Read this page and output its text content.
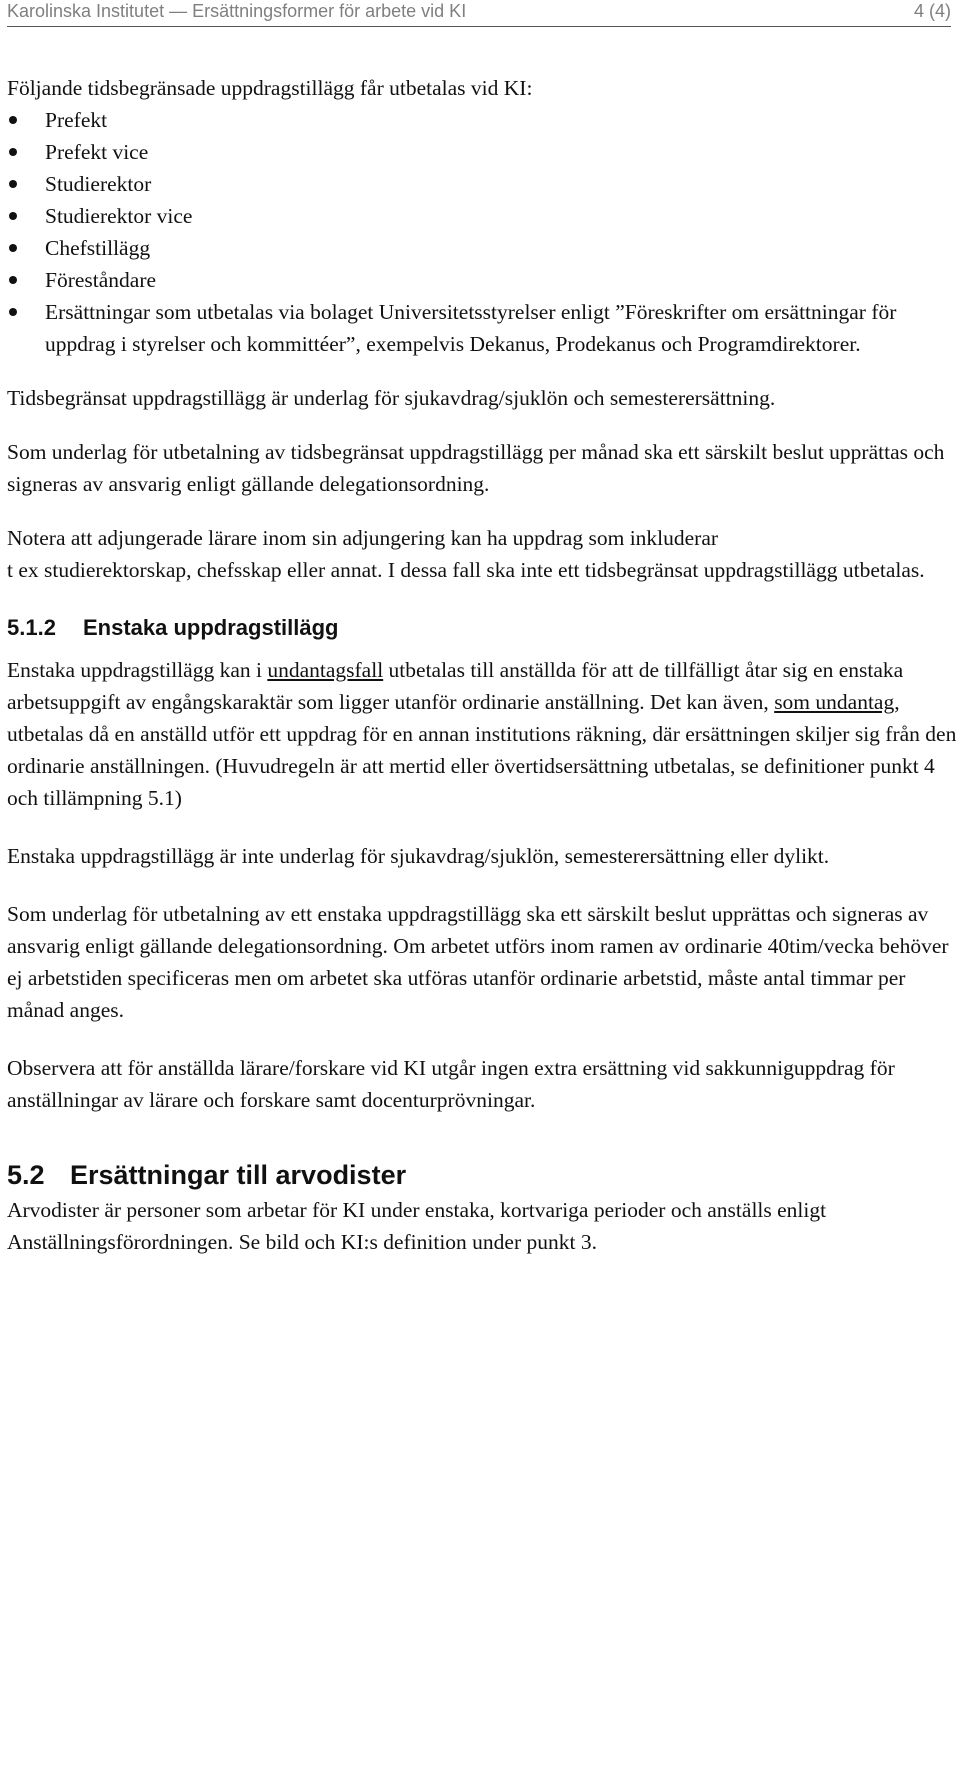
Karolinska Institutet — Ersättningsformer för arbete vid KI	4 (4)

Följande tidsbegränsade uppdragstillägg får utbetalas vid KI:

Prefekt
Prefekt vice
Studierektor
Studierektor vice
Chefstillägg
Föreståndare
Ersättningar som utbetalas via bolaget Universitetsstyrelser enligt ”Föreskrifter om ersättningar för uppdrag i styrelser och kommittéer”, exempelvis Dekanus, Prodekanus och Programdirektorer.

Tidsbegränsat uppdragstillägg är underlag för sjukavdrag/sjuklön och semesterersättning.

Som underlag för utbetalning av tidsbegränsat uppdragstillägg per månad ska ett särskilt beslut upprättas och signeras av ansvarig enligt gällande delegationsordning.

Notera att adjungerade lärare inom sin adjungering kan ha uppdrag som inkluderar
t ex studierektorskap, chefsskap eller annat. I dessa fall ska inte ett tidsbegränsat uppdragstillägg utbetalas.

5.1.2 Enstaka uppdragstillägg

Enstaka uppdragstillägg kan i undantagsfall utbetalas till anställda för att de tillfälligt åtar sig en enstaka arbetsuppgift av engångskaraktär som ligger utanför ordinarie anställning. Det kan även, som undantag, utbetalas då en anställd utför ett uppdrag för en annan institutions räkning, där ersättningen skiljer sig från den ordinarie anställningen. (Huvudregeln är att mertid eller övertidsersättning utbetalas, se definitioner punkt 4 och tillämpning 5.1)

Enstaka uppdragstillägg är inte underlag för sjukavdrag/sjuklön, semesterersättning eller dylikt.

Som underlag för utbetalning av ett enstaka uppdragstillägg ska ett särskilt beslut upprättas och signeras av ansvarig enligt gällande delegationsordning. Om arbetet utförs inom ramen av ordinarie 40tim/vecka behöver ej arbetstiden specificeras men om arbetet ska utföras utanför ordinarie arbetstid, måste antal timmar per månad anges.

Observera att för anställda lärare/forskare vid KI utgår ingen extra ersättning vid sakkunniguppdrag för anställningar av lärare och forskare samt docenturprövningar.

5.2 Ersättningar till arvodister

Arvodister är personer som arbetar för KI under enstaka, kortvariga perioder och anställs enligt Anställningsförordningen. Se bild och KI:s definition under punkt 3.
